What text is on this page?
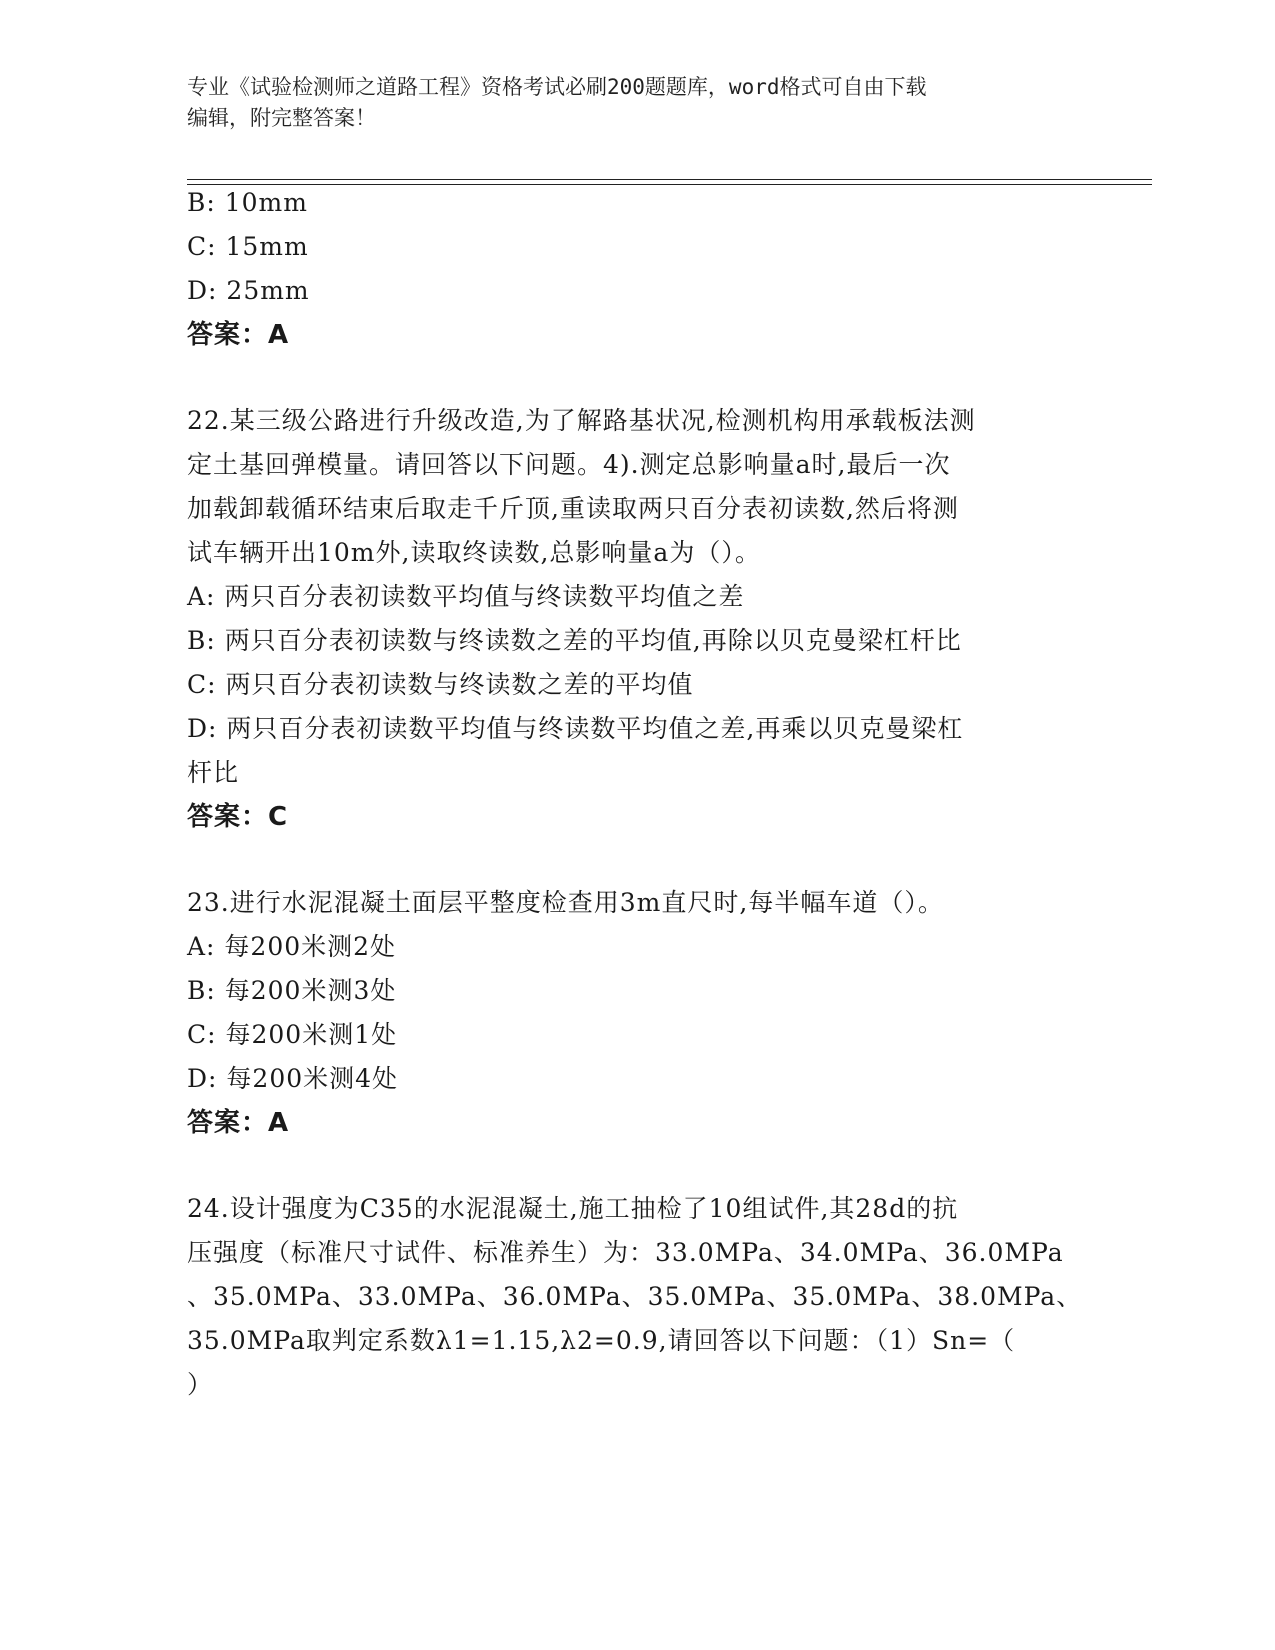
专业《试验检测师之道路工程》资格考试必刷200题题库，word格式可自由下载
编辑，附完整答案！
B: 10mm
C: 15mm
D: 25mm
答案：A
22.某三级公路进行升级改造,为了解路基状况,检测机构用承载板法测
定土基回弹模量。请回答以下问题。4).测定总影响量a时,最后一次
加载卸载循环结束后取走千斤顶,重读取两只百分表初读数,然后将测
试车辆开出10m外,读取终读数,总影响量a为（）。
A: 两只百分表初读数平均值与终读数平均值之差
B: 两只百分表初读数与终读数之差的平均值,再除以贝克曼梁杠杆比
C: 两只百分表初读数与终读数之差的平均值
D: 两只百分表初读数平均值与终读数平均值之差,再乘以贝克曼梁杠
杆比
答案：C
23.进行水泥混凝土面层平整度检查用3m直尺时,每半幅车道（）。
A: 每200米测2处
B: 每200米测3处
C: 每200米测1处
D: 每200米测4处
答案：A
24.设计强度为C35的水泥混凝土,施工抽检了10组试件,其28d的抗
压强度（标准尺寸试件、标准养生）为：33.0MPa、34.0MPa、36.0MPa
、35.0MPa、33.0MPa、36.0MPa、35.0MPa、35.0MPa、38.0MPa、
35.0MPa取判定系数λ1=1.15,λ2=0.9,请回答以下问题：（1）Sn=（
）
